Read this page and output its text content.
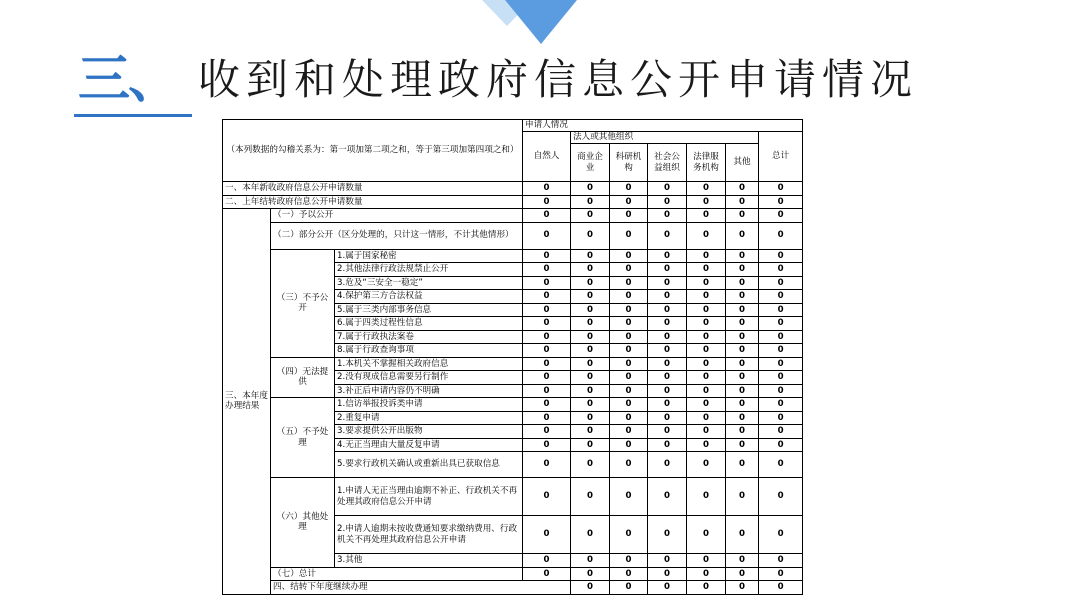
三、 收到和处理政府信息公开申请情况
（本列数据的勾稽关系为：第一项加第二项之和，等于第三项加第四项之和）			申请人情况							
			自然人	法人或其他组织					总计	
				商业企业	科研机构	社会公益组织	法律服务机构	其他		
一、本年新收政府信息公开申请数量			0	0	0	0	0	0	0	
二、上年结转政府信息公开申请数量			0	0	0	0	0	0	0	
三、本年度办理结果	（一）予以公开		0	0	0	0	0	0	0	
	（二）部分公开（区分处理的，只计这一情形，不计其他情形）		0	0	0	0	0	0	0	
	（三）不予公开	1.属于国家秘密	0	0	0	0	0	0	0	
		2.其他法律行政法规禁止公开	0	0	0	0	0	0	0	
		3.危及“三安全一稳定”	0	0	0	0	0	0	0	
		4.保护第三方合法权益	0	0	0	0	0	0	0	
		5.属于三类内部事务信息	0	0	0	0	0	0	0	
		6.属于四类过程性信息	0	0	0	0	0	0	0	
		7.属于行政执法案卷	0	0	0	0	0	0	0	
		8.属于行政查询事项	0	0	0	0	0	0	0	
	（四）无法提供	1.本机关不掌握相关政府信息	0	0	0	0	0	0	0	
		2.没有现成信息需要另行制作	0	0	0	0	0	0	0	
		3.补正后申请内容仍不明确	0	0	0	0	0	0	0	
	（五）不予处理	1.信访举报投诉类申请	0	0	0	0	0	0	0	
		2.重复申请	0	0	0	0	0	0	0	
		3.要求提供公开出版物	0	0	0	0	0	0	0	
		4.无正当理由大量反复申请	0	0	0	0	0	0	0	
		5.要求行政机关确认或重新出具已获取信息	0	0	0	0	0	0	0	
	（六）其他处理	1.申请人无正当理由逾期不补正、行政机关不再处理其政府信息公开申请	0	0	0	0	0	0	0	
		2.申请人逾期未按收费通知要求缴纳费用、行政机关不再处理其政府信息公开申请	0	0	0	0	0	0	0	
		3.其他	0	0	0	0	0	0	0	
	（七）总计		0	0	0	0	0	0	0	
	四、结转下年度继续办理			0	0	0	0	0	0	
